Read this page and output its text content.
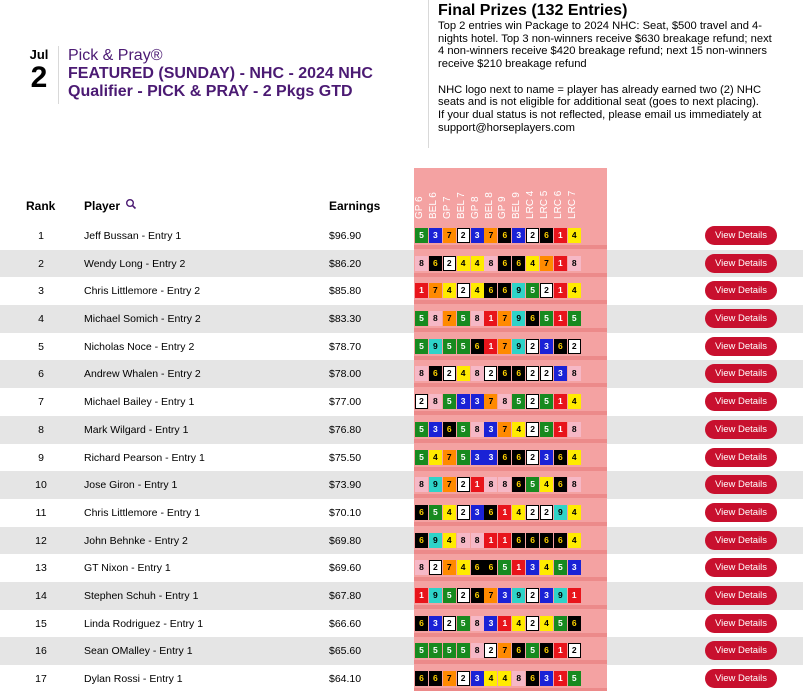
Jul
2
Pick & Pray®
FEATURED (SUNDAY) - NHC - 2024 NHC Qualifier - PICK & PRAY - 2 Pkgs GTD
Final Prizes (132 Entries)

Top 2 entries win Package to 2024 NHC: Seat, $500 travel and 4-nights hotel. Top 3 non-winners receive $630 breakage refund; next 4 non-winners receive $420 breakage refund; next 15 non-winners receive $210 breakage refund

NHC logo next to name = player has already earned two (2) NHC seats and is not eligible for additional seat (goes to next placing).

If your dual status is not reflected, please email us immediately at support@horseplayers.com

Rank Player	Earnings	GP 6 BEL 6 GP 7 BEL 7 GP 8 BEL 8 GP 9 BEL 9 LRC 4 LRC 5 LRC 6 LRC 7
1	Jeff Bussan - Entry 1	$96.90	5	3	7	2	3	7	6	3	2	6	1	4	View Details
2	Wendy Long - Entry 2	$86.20	8	6	2	4	4	8	6	6	4	7	1	8	View Details
3	Chris Littlemore - Entry 2	$85.80	1	7	4	2	4	6	6	9	5	2	1	4	View Details
4	Michael Somich - Entry 2	$83.30	5	8	7	5	8	1	7	9	6	5	1	5	View Details
5	Nicholas Noce - Entry 2	$78.70	5	9	5	5	6	1	7	9	2	3	6	2	View Details
6	Andrew Whalen - Entry 2	$78.00	8	6	2	4	8	2	6	6	2	2	3	8	View Details
7	Michael Bailey - Entry 1	$77.00	2	8	5	3	3	7	8	5	2	5	1	4	View Details
8	Mark Wilgard - Entry 1	$76.80	5	3	6	5	8	3	7	4	2	5	1	8	View Details
9	Richard Pearson - Entry 1	$75.50	5	4	7	5	3	3	6	6	2	3	6	4	View Details
10	Jose Giron - Entry 1	$73.90	8	9	7	2	1	8	8	6	5	4	6	8	View Details
11	Chris Littlemore - Entry 1	$70.10	6	5	4	2	3	6	1	4	2	2	9	4	View Details
12	John Behnke - Entry 2	$69.80	6	9	4	8	8	1	1	6	6	6	6	4	View Details
13	GT Nixon - Entry 1	$69.60	8	2	7	4	6	6	5	1	3	4	5	3	View Details
14	Stephen Schuh - Entry 1	$67.80	1	9	5	2	6	7	3	9	2	3	9	1	View Details
15	Linda Rodriguez - Entry 1	$66.60	6	3	2	5	8	3	1	4	2	4	5	6	View Details
16	Sean OMalley - Entry 1	$65.60	5	5	5	5	8	2	7	6	5	6	1	2	View Details
17	Dylan Rossi - Entry 1	$64.10	6	6	7	2	3	4	4	8	6	3	1	5	View Details
